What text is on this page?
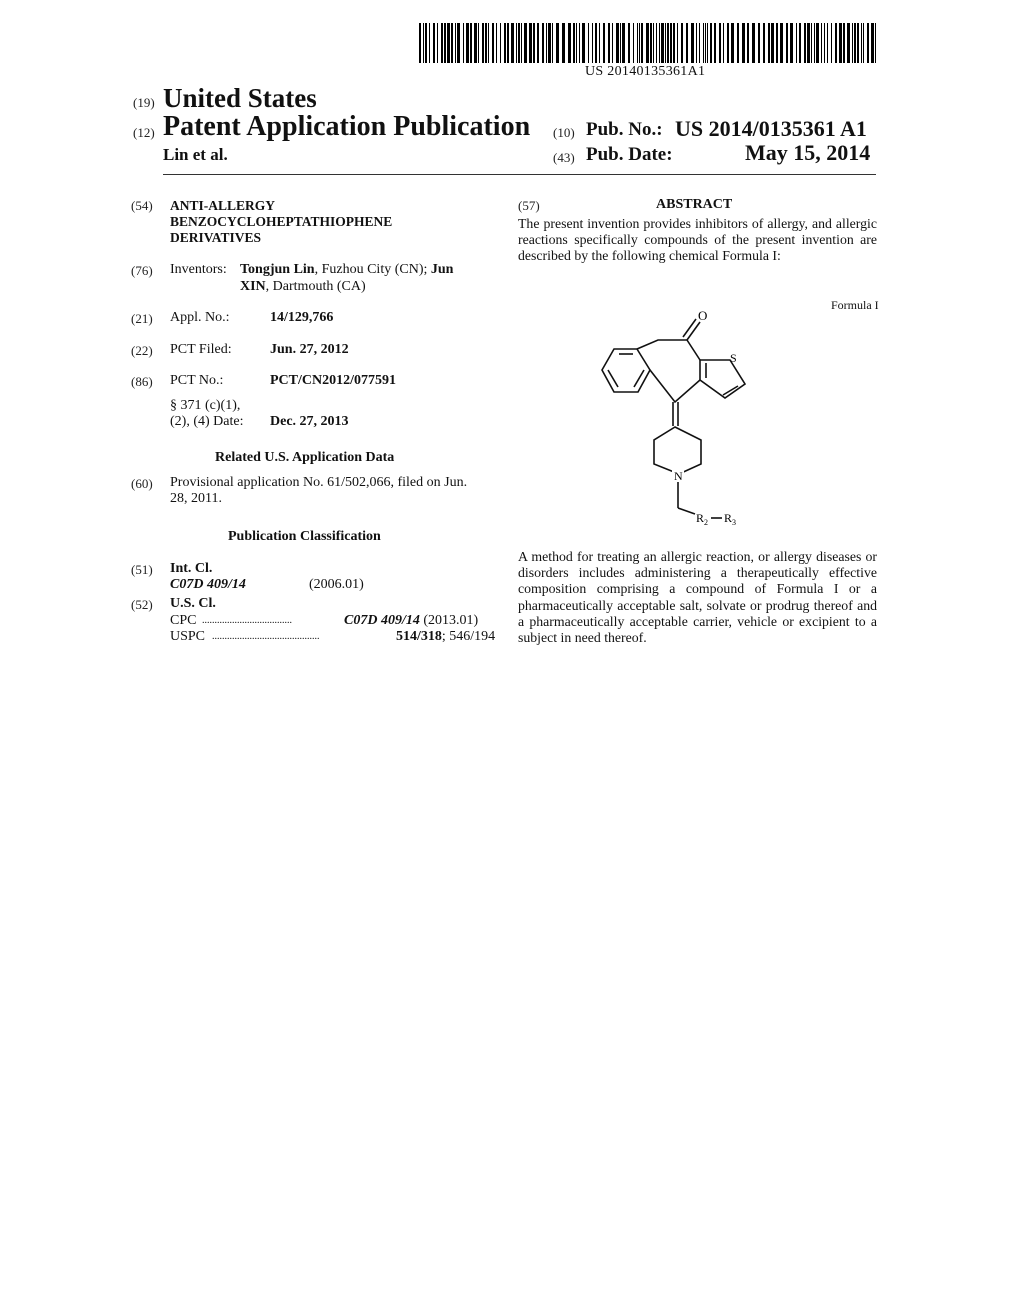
US 20140135361A1
(19) United States
(12) Patent Application Publication
Lin et al.
(10) Pub. No.: US 2014/0135361 A1
(43) Pub. Date:	May 15, 2014
(54) ANTI-ALLERGY
BENZOCYCLOHEPTATHIOPHENE
DERIVATIVES
(76) Inventors: Tongjun Lin, Fuzhou City (CN); Jun
XIN, Dartmouth (CA)
(21) Appl. No.:	14/129,766
(22) PCT Filed:	Jun. 27, 2012
(86) PCT No.:	PCT/CN2012/077591
§ 371 (c)(1),
(2), (4) Date: Dec. 27, 2013
Related U.S. Application Data
(60) Provisional application No. 61/502,066, filed on Jun.
28, 2011.
Publication Classification
(51) Int. Cl.
C07D 409/14	(2006.01)
(52) U.S. Cl.
CPC ....................................	C07D 409/14 (2013.01)
USPC ...........................................	514/318; 546/194
(57)	ABSTRACT
The present invention provides inhibitors of allergy, and allergic reactions specifically compounds of the present invention are described by the following chemical Formula I:
Formula I
O
S
N
$R_2$ $R_3$
A method for treating an allergic reaction, or allergy diseases or disorders includes administering a therapeutically effective composition comprising a compound of Formula I or a pharmaceutically acceptable salt, solvate or prodrug thereof and a pharmaceutically acceptable carrier, vehicle or excipient to a subject in need thereof.
